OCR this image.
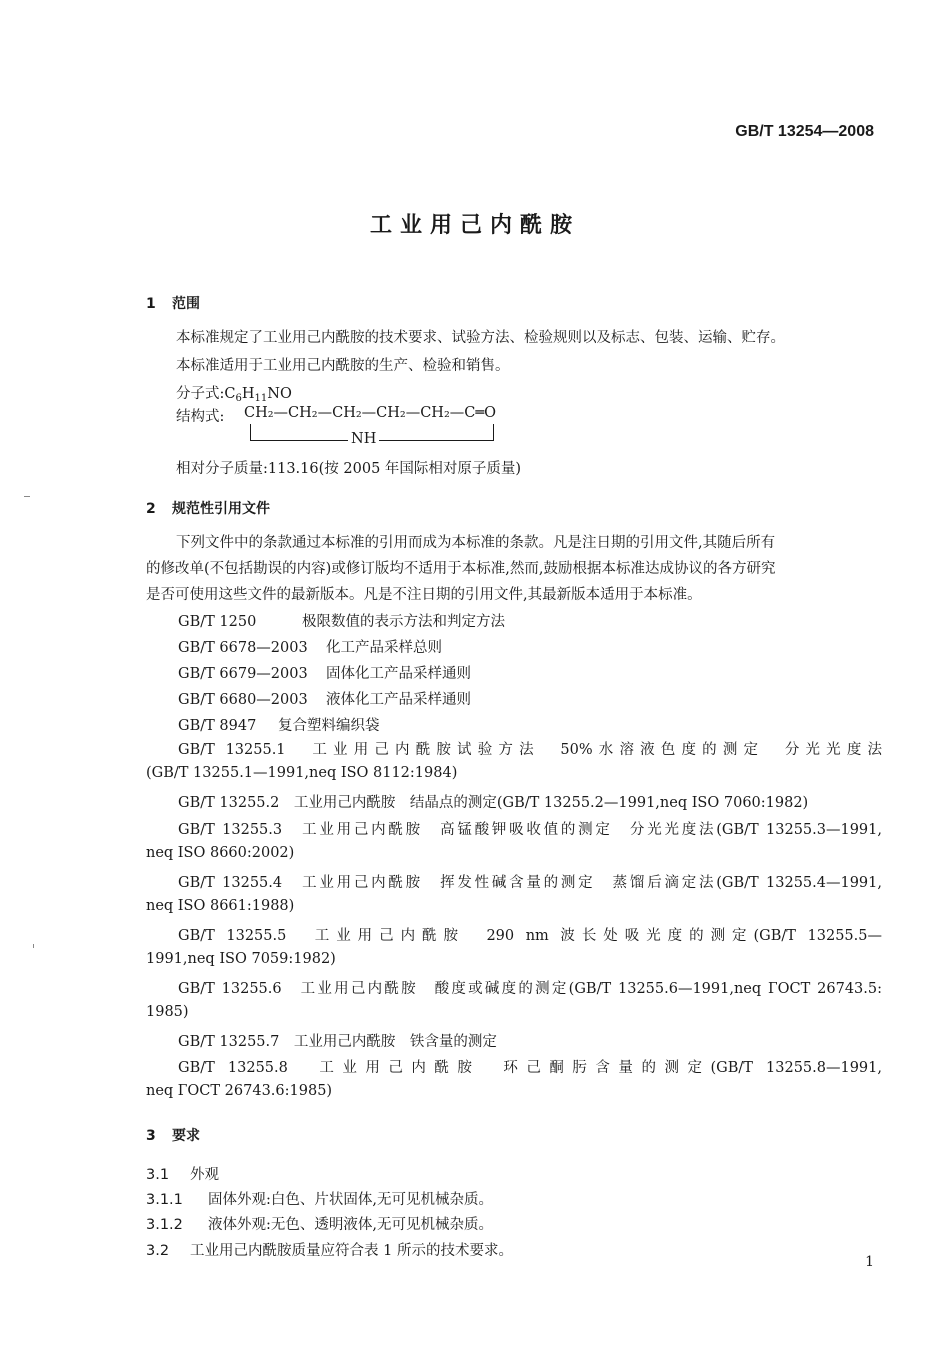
GB/T 13254—2008
工业用己内酰胺
1 范围
本标准规定了工业用己内酰胺的技术要求、试验方法、检验规则以及标志、包装、运输、贮存。
本标准适用于工业用己内酰胺的生产、检验和销售。
分子式$:C_6H_{11}NO$
结构式: CH₂—CH₂—CH₂—CH₂—CH₂—C═O
NH
相对分子质量:113.16(按 2005 年国际相对原子质量)
2 规范性引用文件
下列文件中的条款通过本标准的引用而成为本标准的条款。凡是注日期的引用文件,其随后所有
的修改单(不包括勘误的内容)或修订版均不适用于本标准,然而,鼓励根据本标准达成协议的各方研究
是否可使用这些文件的最新版本。凡是不注日期的引用文件,其最新版本适用于本标准。
GB/T 1250	极限数值的表示方法和判定方法
GB/T 6678—2003 化工产品采样总则
GB/T 6679—2003 固体化工产品采样通则
GB/T 6680—2003 液体化工产品采样通则
GB/T 8947 复合塑料编织袋
GB/T 13255.1　工业用己内酰胺试验方法　50%水溶液色度的测定　分光光度法
(GB/T 13255.1—1991,neq ISO 8112:1984)
GB/T 13255.2　工业用己内酰胺　结晶点的测定(GB/T 13255.2—1991,neq ISO 7060:1982)
GB/T 13255.3　工业用己内酰胺　高锰酸钾吸收值的测定　分光光度法(GB/T 13255.3—1991,
neq ISO 8660:2002)
GB/T 13255.4　工业用己内酰胺　挥发性碱含量的测定　蒸馏后滴定法(GB/T 13255.4—1991,
neq ISO 8661:1988)
GB/T 13255.5　工业用己内酰胺　290 nm 波长处吸光度的测定(GB/T 13255.5—
1991,neq ISO 7059:1982)
GB/T 13255.6　工业用己内酰胺　酸度或碱度的测定(GB/T 13255.6—1991,neq ГОСТ 26743.5:
1985)
GB/T 13255.7　工业用己内酰胺　铁含量的测定
GB/T 13255.8　工业用己内酰胺　环己酮肟含量的测定(GB/T 13255.8—1991,
neq ГОСТ 26743.6:1985)
3 要求
3.1 外观
3.1.1 固体外观:白色、片状固体,无可见机械杂质。
3.1.2 液体外观:无色、透明液体,无可见机械杂质。
3.2 工业用己内酰胺质量应符合表 1 所示的技术要求。
1
